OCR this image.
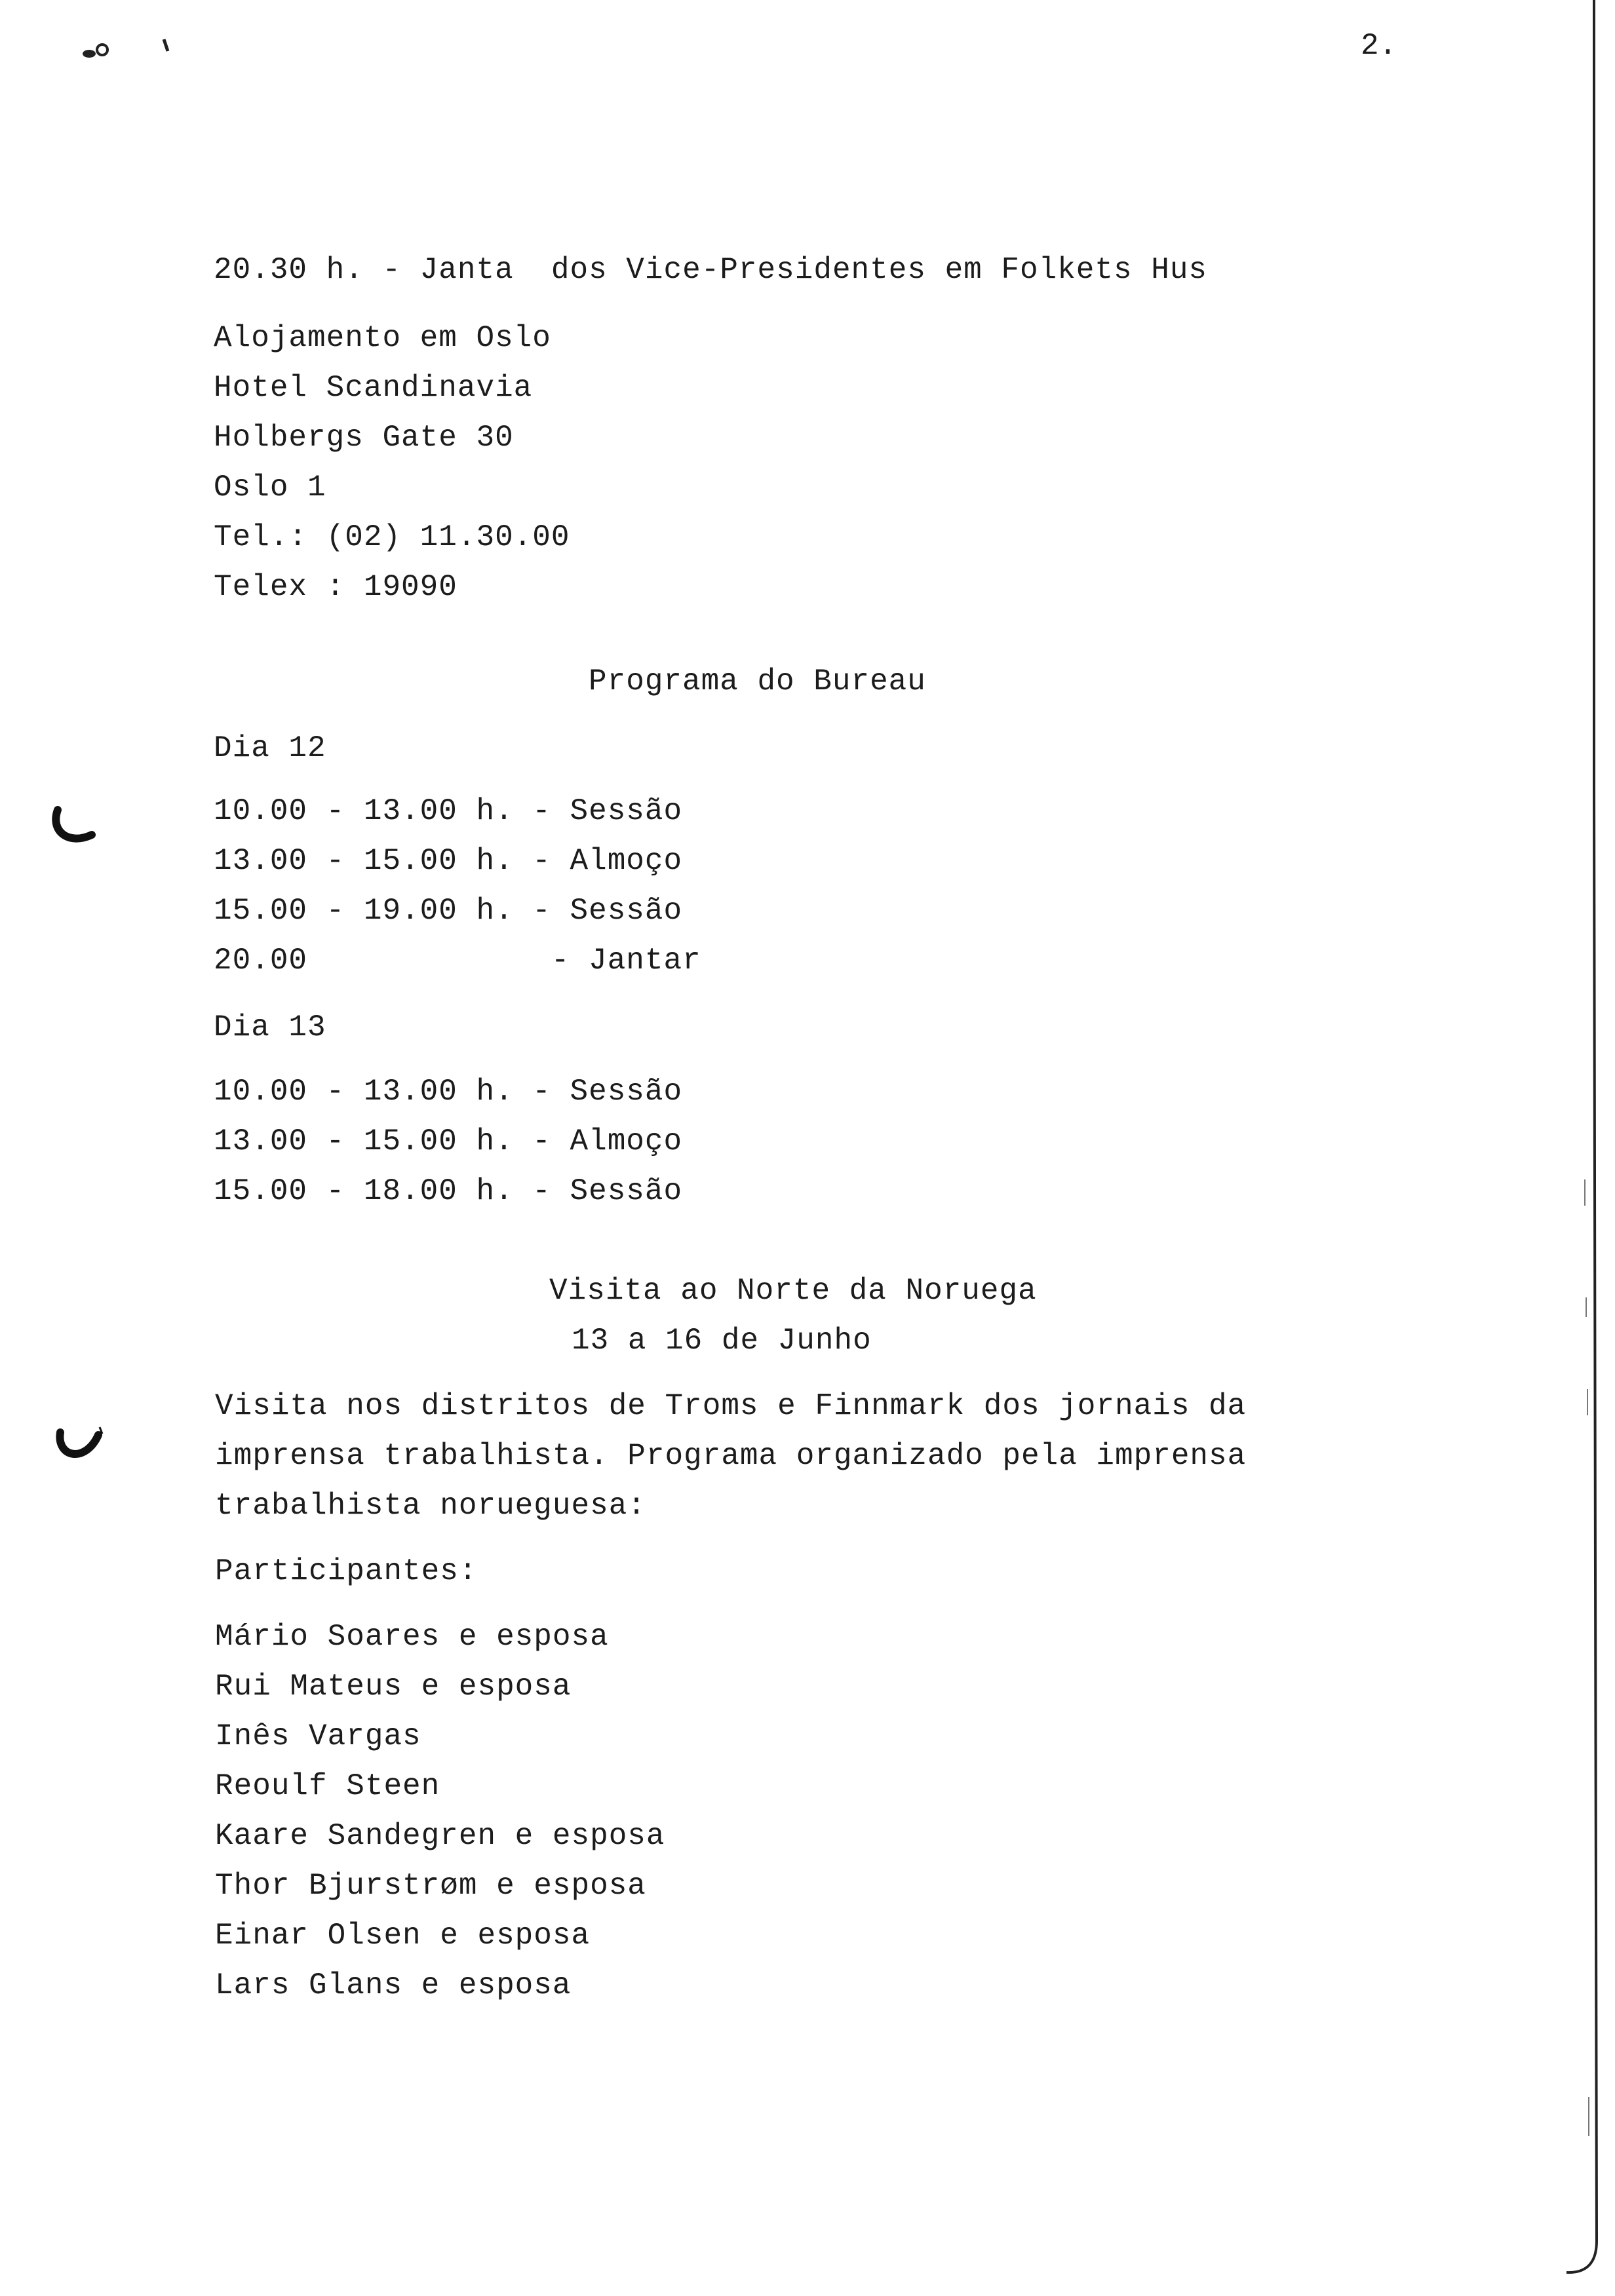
2.
20.30 h. - Janta  dos Vice-Presidentes em Folkets Hus
Alojamento em Oslo
Hotel Scandinavia
Holbergs Gate 30
Oslo 1
Tel.: (02) 11.30.00
Telex : 19090
Programa do Bureau
Dia 12
10.00 - 13.00 h. - Sessão
13.00 - 15.00 h. - Almoço
15.00 - 19.00 h. - Sessão
20.00             - Jantar
Dia 13
10.00 - 13.00 h. - Sessão
13.00 - 15.00 h. - Almoço
15.00 - 18.00 h. - Sessão
Visita ao Norte da Noruega
13 a 16 de Junho
Visita nos distritos de Troms e Finnmark dos jornais da
imprensa trabalhista. Programa organizado pela imprensa
trabalhista norueguesa:
Participantes:
Mário Soares e esposa
Rui Mateus e esposa
Inês Vargas
Reoulf Steen
Kaare Sandegren e esposa
Thor Bjurstrøm e esposa
Einar Olsen e esposa
Lars Glans e esposa
